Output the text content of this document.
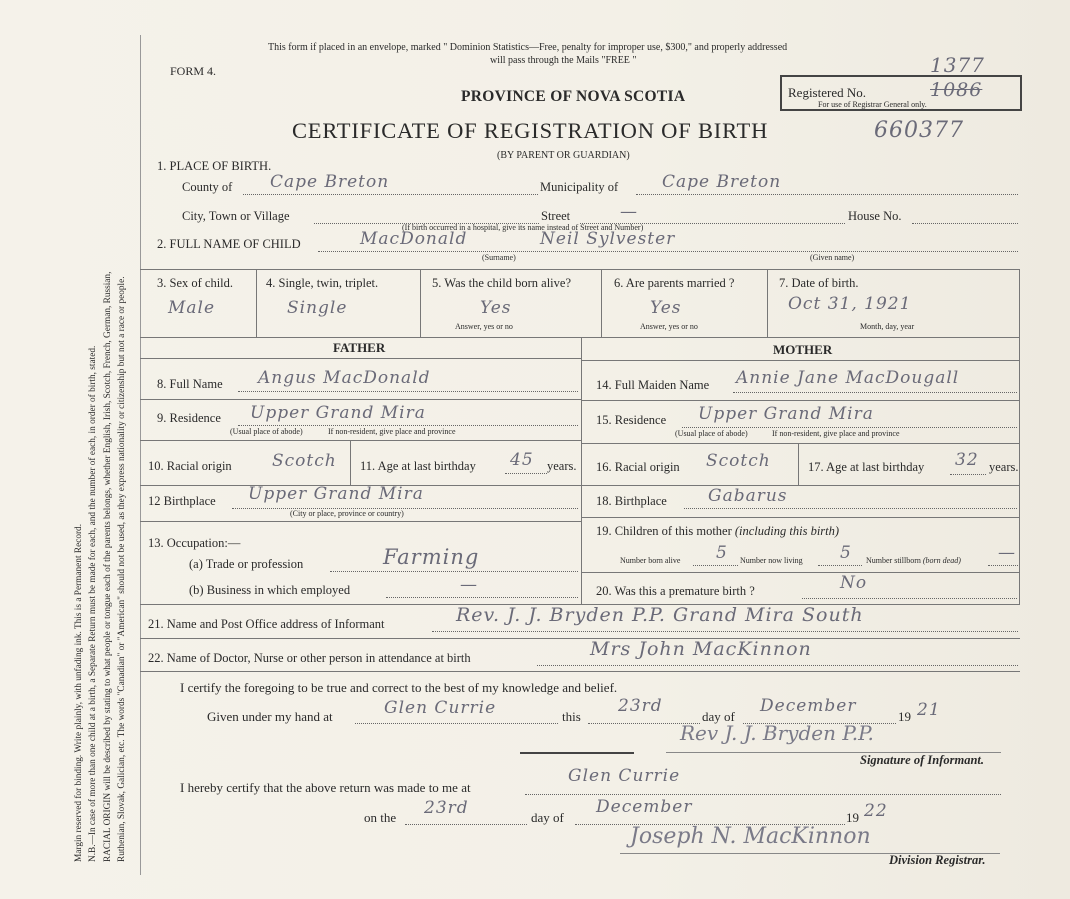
Margin reserved for binding. Write plainly, with unfading ink. This is a Permanent Record. N.B.—In case of more than one child at a birth, a Separate Return must be made for each, and the number of each, in order of birth, stated. RACIAL ORIGIN will be described by stating to what people or tongue each of the parents belongs, whether English, Irish, Scotch, French, German, Russian, Ruthenian, Slovak, Galician, etc. The words "Canadian" or "American" should not be used, as they express nationality or citizenship but not a race or people.
This form if placed in an envelope, marked " Dominion Statistics—Free, penalty for improper use, $300," and properly addressed
will pass through the Mails "FREE "
FORM 4.
Registered No.
1377
1086
For use of Registrar General only.
PROVINCE OF NOVA SCOTIA
CERTIFICATE OF REGISTRATION OF BIRTH	660377
(BY PARENT OR GUARDIAN)
1. PLACE OF BIRTH.
County of Cape Breton	Municipality of	Cape Breton
City, Town or Village	Street	—	House No.
(If birth occurred in a hospital, give its name instead of Street and Number)
2. FULL NAME OF CHILD	MacDonald	Neil Sylvester
(Surname)	(Given name)
3. Sex of child.
Male
4. Single, twin, triplet.
Single
5. Was the child born alive?
Yes
Answer, yes or no
6. Are parents married ?
Yes
Answer, yes or no
7. Date of birth.
Oct 31, 1921
Month, day, year
FATHER	MOTHER
8. Full Name Angus MacDonald
9. Residence Upper Grand Mira
(Usual place of abode)	If non-resident, give place and province
10. Racial origin Scotch 11. Age at last birthday 45 years.
12 Birthplace Upper Grand Mira
(City or place, province or country)
13. Occupation:—
(a) Trade or profession	Farming
(b) Business in which employed	—
14. Full Maiden Name Annie Jane MacDougall
15. Residence Upper Grand Mira
(Usual place of abode)	If non-resident, give place and province
16. Racial origin Scotch	17. Age at last birthday 32 years.
18. Birthplace Gabarus
19. Children of this mother (including this birth)
Number born alive 5 Number now living 5 Number stillborn (born dead) —
20. Was this a premature birth ?	No
21. Name and Post Office address of Informant	Rev. J. J. Bryden P.P. Grand Mira South
22. Name of Doctor, Nurse or other person in attendance at birth	Mrs John MacKinnon
I certify the foregoing to be true and correct to the best of my knowledge and belief.
Given under my hand at	Glen Currie	this
23rd
day of
December
19 21
Rev J. J. Bryden P.P.
Signature of Informant.
I hereby certify that the above return was made to me at
Glen Currie
on the 23rd	day of
December
19 22
Joseph N. MacKinnon
Division Registrar.
